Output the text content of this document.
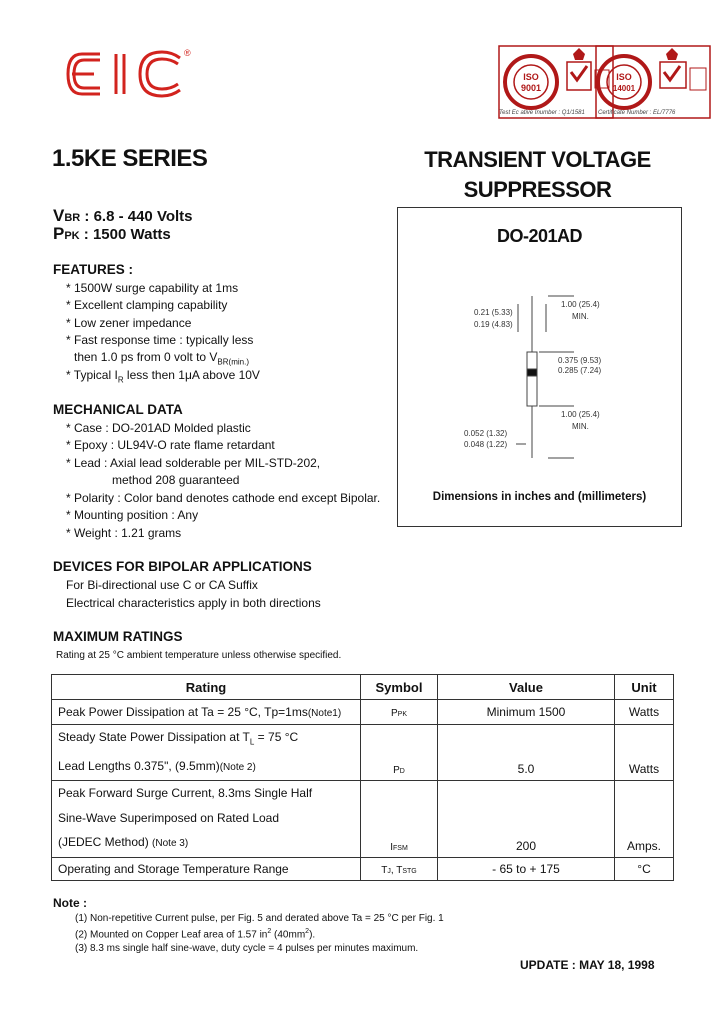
®
ISO
9001
Test Ec ative Inumber : Q1/1581
ISO
14001
Certificate Number : EL/7776
1.5KE SERIES	TRANSIENT VOLTAGE
SUPPRESSOR
VBR : 6.8 - 440 Volts
PPK : 1500 Watts
FEATURES :
* 1500W surge capability at 1ms
* Excellent clamping capability
* Low zener impedance
* Fast response time : typically less
then 1.0 ps from 0 volt to $V_{BR(min.)}$
* Typical $I_R$ less then 1μA above 10V
MECHANICAL DATA
* Case : DO-201AD Molded plastic
* Epoxy : UL94V-O rate flame retardant
* Lead : Axial lead solderable per MIL-STD-202,
method 208 guaranteed
* Polarity : Color band denotes cathode end except Bipolar.
* Mounting position : Any
* Weight : 1.21 grams
DEVICES FOR BIPOLAR APPLICATIONS
For Bi-directional use C or CA Suffix
Electrical characteristics apply in both directions
DO-201AD
0.21 (5.33)
0.19 (4.83)
1.00 (25.4)
MIN.
0.375 (9.53)
0.285 (7.24)
1.00 (25.4)
MIN.
0.052 (1.32)
0.048 (1.22)
Dimensions in inches and (millimeters)
MAXIMUM RATINGS
Rating at 25 °C ambient temperature unless otherwise specified.
Rating	Symbol	Value	Unit
Peak Power Dissipation at Ta = 25 °C, Tp=1ms(Note1)	PPK	Minimum 1500	Watts

Steady State Power Dissipation at $T_L = 75$ °C
Lead Lengths 0.375", (9.5mm)(Note 2)	PD	5.0	Watts

Peak Forward Surge Current, 8.3ms Single Half
Sine-Wave Superimposed on Rated Load
(JEDEC Method) (Note 3)	IFSM	200	Amps.
Operating and Storage Temperature Range	TJ, TSTG	- 65 to + 175	°C
Note :
(1) Non-repetitive Current pulse, per Fig. 5 and derated above Ta = 25 °C per Fig. 1
(2) Mounted on Copper Leaf area of 1.57 $in^2$ $(40mm^2)$.
(3) 8.3 ms single half sine-wave, duty cycle = 4 pulses per minutes maximum.
UPDATE : MAY 18, 1998
